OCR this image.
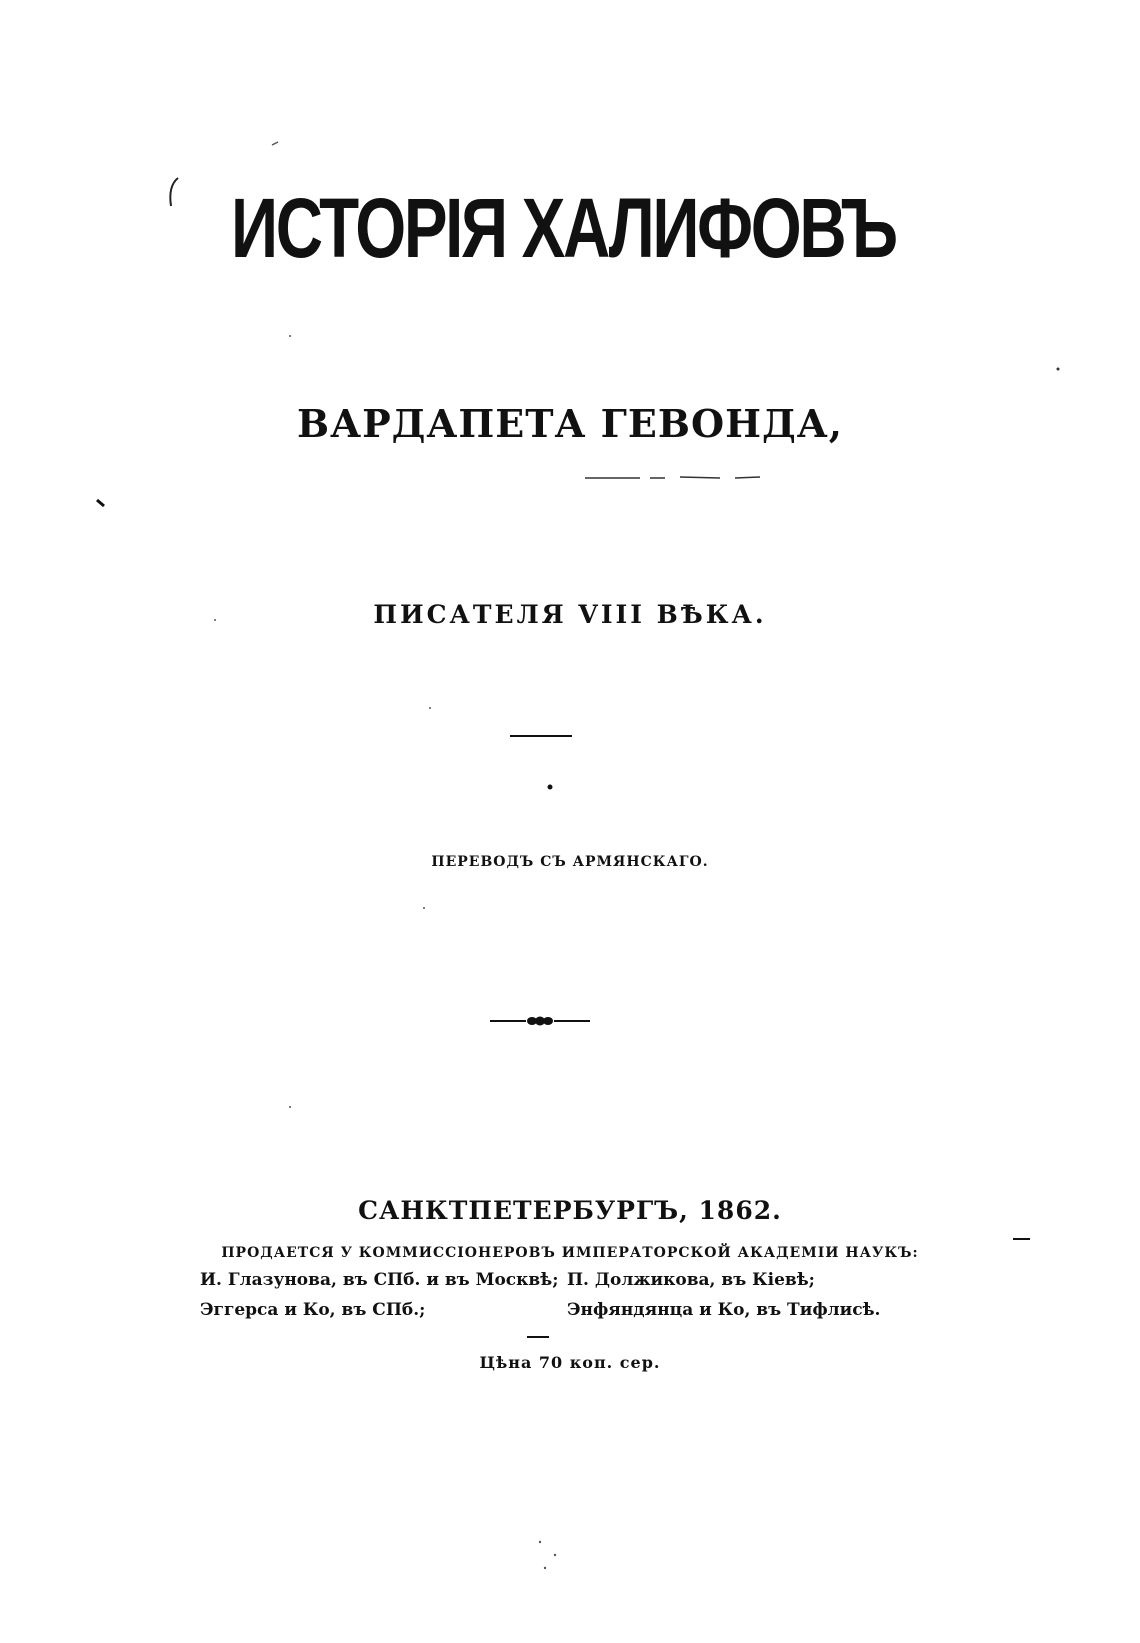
ИСТОРІЯ ХАЛИФОВЪ
ВАРДАПЕТА ГЕВОНДА,
ПИСАТЕЛЯ VIII ВѢКА.
ПЕРЕВОДЪ СЪ АРМЯНСКАГО.
САНКТПЕТЕРБУРГЪ, 1862.
ПРОДАЕТСЯ У КОММИССІОНЕРОВЪ ИМПЕРАТОРСКОЙ АКАДЕМІИ НАУКЪ:
И. Глазунова, въ СПб. и въ Москвѣ; П. Должикова, въ Кіевѣ;
Эггерса и Ко, въ СПб.;	Энфяндянца и Ко, въ Тифлисѣ.
Цѣна 70 коп. сер.
